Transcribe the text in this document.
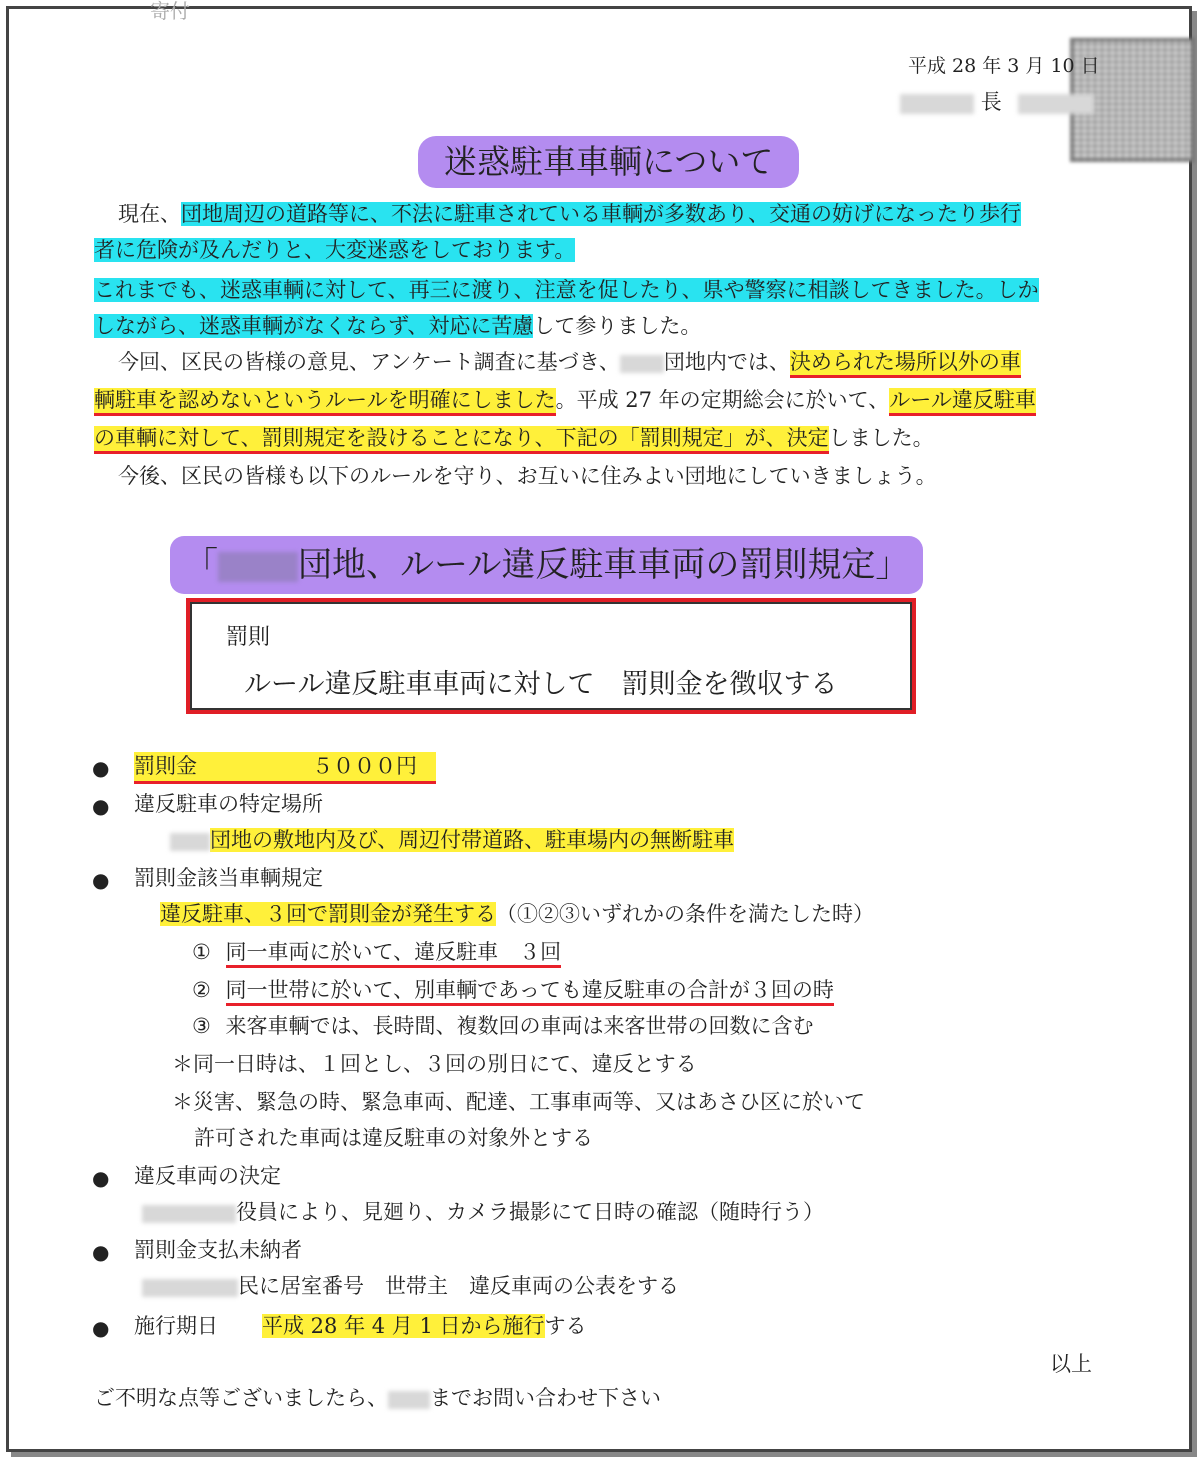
寄付
平成 28 年 3 月 10 日
長
迷惑駐車車輌について
現在、団地周辺の道路等に、不法に駐車されている車輌が多数あり、交通の妨げになったり歩行
者に危険が及んだりと、大変迷惑をしております。
これまでも、迷惑車輌に対して、再三に渡り、注意を促したり、県や警察に相談してきました。しか
しながら、迷惑車輌がなくならず、対応に苦慮して参りました。
今回、区民の皆様の意見、アンケート調査に基づき、 団地内では、決められた場所以外の車
輌駐車を認めないというルールを明確にしました。平成 27 年の定期総会に於いて、ルール違反駐車
の車輌に対して、罰則規定を設けることになり、下記の「罰則規定」が、決定しました。
今後、区民の皆様も以下のルールを守り、お互いに住みよい団地にしていきましょう。
「 団地、ルール違反駐車車両の罰則規定」
罰則
ルール違反駐車車両に対して　罰則金を徴収する
● 罰則金	５０００円
● 違反駐車の特定場所
団地の敷地内及び、周辺付帯道路、駐車場内の無断駐車
● 罰則金該当車輌規定
違反駐車、３回で罰則金が発生する（①②③いずれかの条件を満たした時）
① 同一車両に於いて、違反駐車　３回
② 同一世帯に於いて、別車輌であっても違反駐車の合計が３回の時
③ 来客車輌では、長時間、複数回の車両は来客世帯の回数に含む
＊同一日時は、１回とし、３回の別日にて、違反とする
＊災害、緊急の時、緊急車両、配達、工事車両等、又はあさひ区に於いて
許可された車両は違反駐車の対象外とする
● 違反車両の決定
役員により、見廻り、カメラ撮影にて日時の確認（随時行う）
● 罰則金支払未納者
民に居室番号　世帯主　違反車両の公表をする
● 施行期日 平成 28 年 4 月 1 日から施行する
以上
ご不明な点等ございましたら、 までお問い合わせ下さい
